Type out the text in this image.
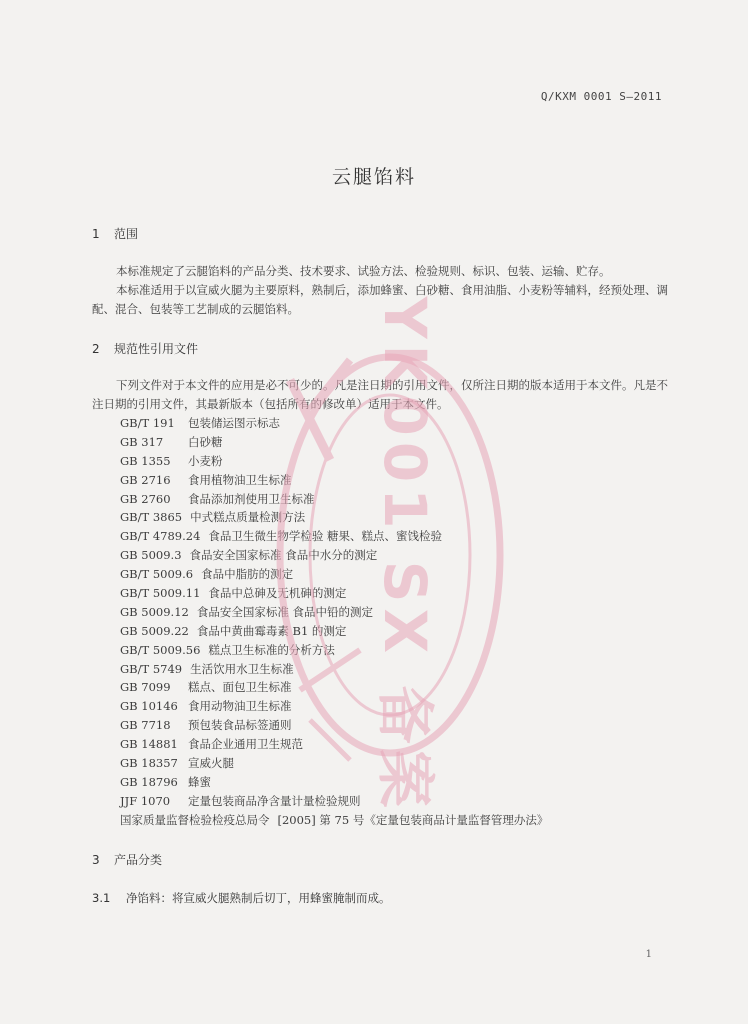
Q/KXM 0001 S—2011
云腿馅料
1 范围

本标准规定了云腿馅料的产品分类、技术要求、试验方法、检验规则、标识、包装、运输、贮存。

本标准适用于以宣威火腿为主要原料，熟制后，添加蜂蜜、白砂糖、食用油脂、小麦粉等辅料，经预处理、调配、混合、包装等工艺制成的云腿馅料。

2 规范性引用文件

下列文件对于本文件的应用是必不可少的。凡是注日期的引用文件，仅所注日期的版本适用于本文件。凡是不注日期的引用文件，其最新版本（包括所有的修改单）适用于本文件。

GB/T 191 包装储运图示标志
GB 317 白砂糖
GB 1355 小麦粉
GB 2716 食用植物油卫生标准
GB 2760 食品添加剂使用卫生标准
GB/T 3865 中式糕点质量检测方法
GB/T 4789.24 食品卫生微生物学检验 糖果、糕点、蜜饯检验
GB 5009.3 食品安全国家标准 食品中水分的测定
GB/T 5009.6 食品中脂肪的测定
GB/T 5009.11 食品中总砷及无机砷的测定
GB 5009.12 食品安全国家标准 食品中铅的测定
GB 5009.22 食品中黄曲霉毒素 B1 的测定
GB/T 5009.56 糕点卫生标准的分析方法
GB/T 5749 生活饮用水卫生标准
GB 7099 糕点、面包卫生标准
GB 10146 食用动物油卫生标准
GB 7718 预包装食品标签通则
GB 14881 食品企业通用卫生规范
GB 18357 宣威火腿
GB 18796 蜂蜜
JJF 1070 定量包装商品净含量计量检验规则
国家质量监督检验检疫总局令 [2005] 第 75 号《定量包装商品计量监督管理办法》
3 产品分类
3.1 净馅料：将宣威火腿熟制后切丁，用蜂蜜腌制而成。
1
YK001 SX 备案
